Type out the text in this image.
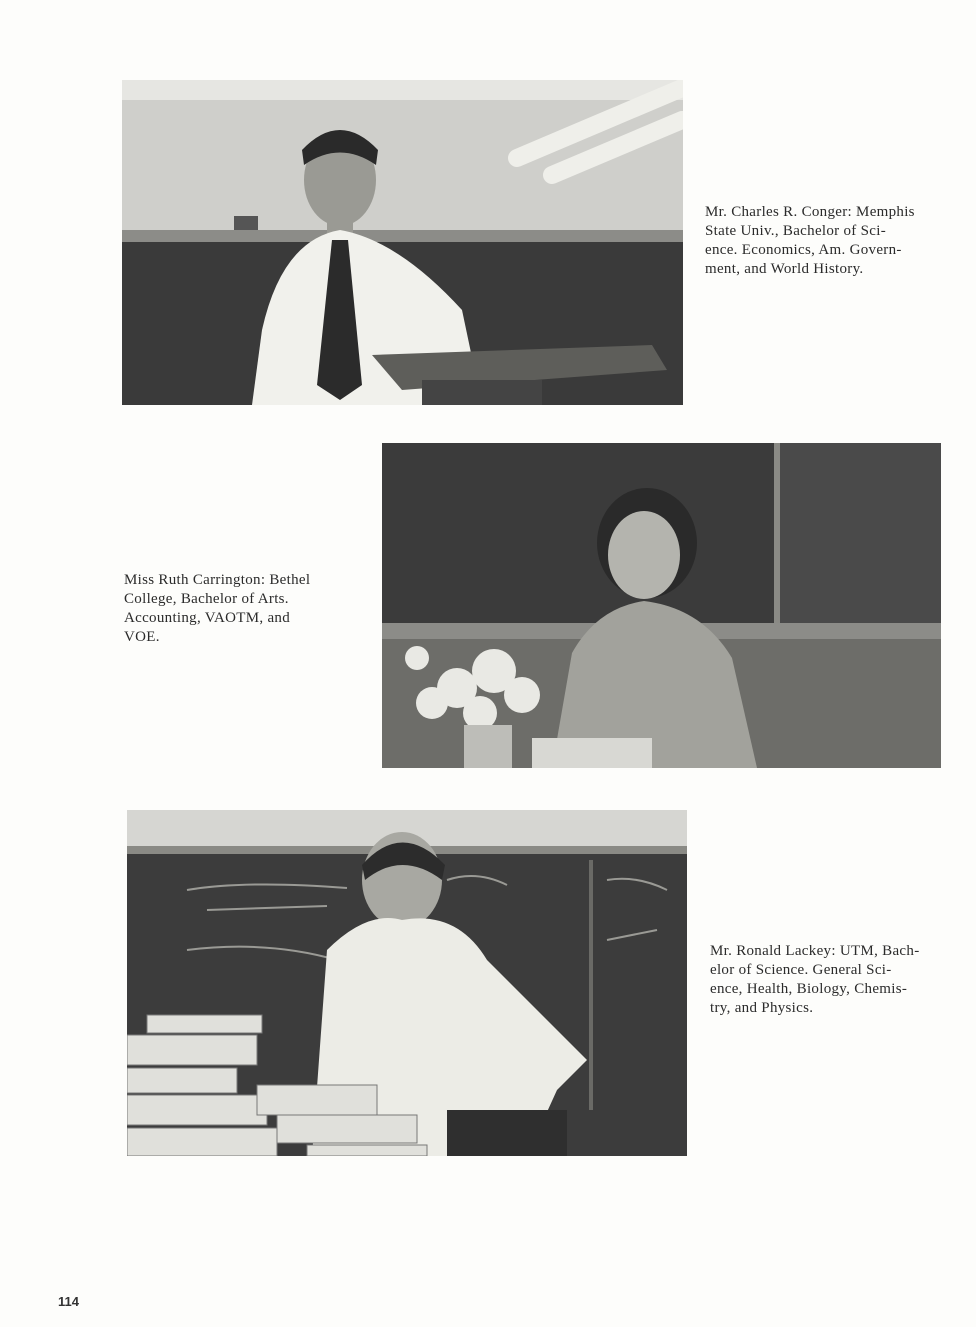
Mr. Charles R. Conger: Memphis
State Univ., Bachelor of Sci-
ence. Economics, Am. Govern-
ment, and World History.
Miss Ruth Carrington: Bethel
College, Bachelor of Arts.
Accounting, VAOTM, and
VOE.
Mr. Ronald Lackey: UTM, Bach-
elor of Science. General Sci-
ence, Health, Biology, Chemis-
try, and Physics.
114
